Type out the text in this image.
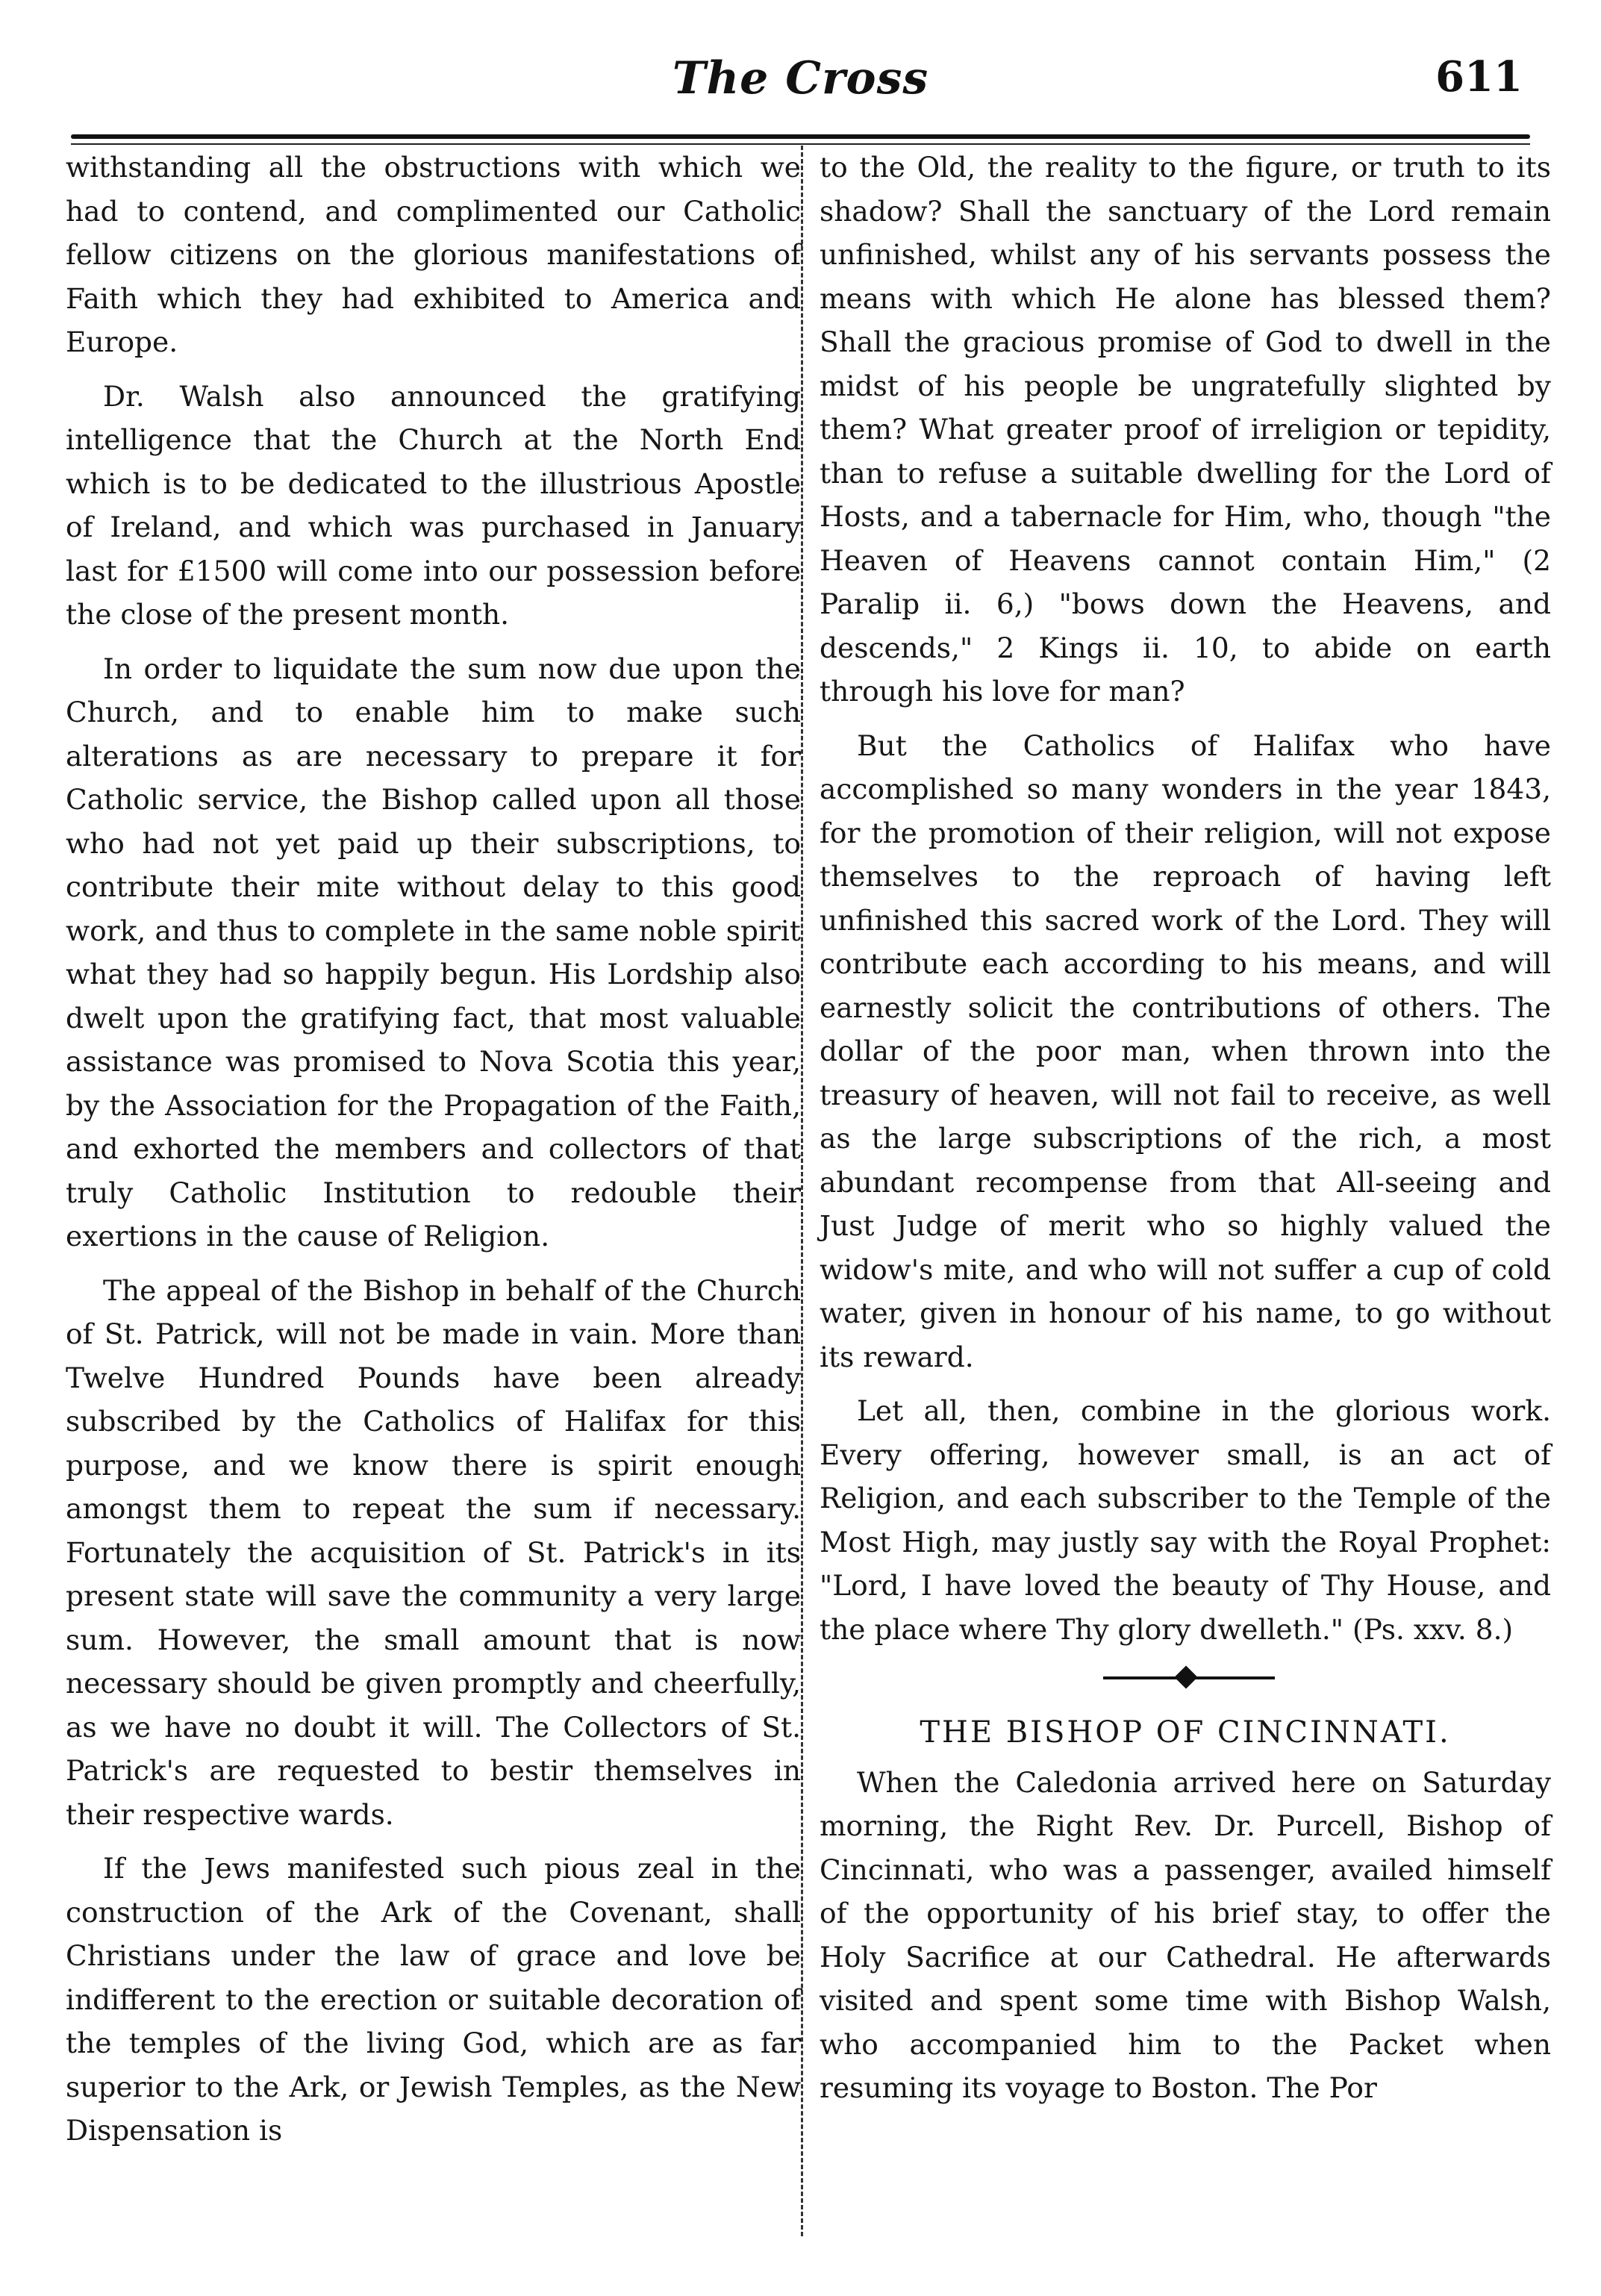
The Cross	611

withstanding all the obstructions with which we had to contend, and complimented our Catholic fellow citizens on the glorious manifestations of Faith which they had exhibited to America and Europe.

Dr. Walsh also announced the gratifying intelligence that the Church at the North End which is to be dedicated to the illustrious Apostle of Ireland, and which was purchased in January last for £1500 will come into our possession before the close of the present month.

In order to liquidate the sum now due upon the Church, and to enable him to make such alterations as are necessary to prepare it for Catholic service, the Bishop called upon all those who had not yet paid up their subscriptions, to contribute their mite without delay to this good work, and thus to complete in the same noble spirit what they had so happily begun. His Lordship also dwelt upon the gratifying fact, that most valuable assistance was promised to Nova Scotia this year, by the Association for the Propagation of the Faith, and exhorted the members and collectors of that truly Catholic Institution to redouble their exertions in the cause of Religion.

The appeal of the Bishop in behalf of the Church of St. Patrick, will not be made in vain. More than Twelve Hundred Pounds have been already subscribed by the Catholics of Halifax for this purpose, and we know there is spirit enough amongst them to repeat the sum if necessary. Fortunately the acquisition of St. Patrick's in its present state will save the community a very large sum. However, the small amount that is now necessary should be given promptly and cheerfully, as we have no doubt it will. The Collectors of St. Patrick's are requested to bestir themselves in their respective wards.

If the Jews manifested such pious zeal in the construction of the Ark of the Covenant, shall Christians under the law of grace and love be indifferent to the erection or suitable decoration of the temples of the living God, which are as far superior to the Ark, or Jewish Temples, as the New Dispensation is

to the Old, the reality to the figure, or truth to its shadow? Shall the sanctuary of the Lord remain unfinished, whilst any of his servants possess the means with which He alone has blessed them? Shall the gracious promise of God to dwell in the midst of his people be ungratefully slighted by them? What greater proof of irreligion or tepidity, than to refuse a suitable dwelling for the Lord of Hosts, and a tabernacle for Him, who, though "the Heaven of Heavens cannot contain Him," (2 Paralip ii. 6,) "bows down the Heavens, and descends," 2 Kings ii. 10, to abide on earth through his love for man?

But the Catholics of Halifax who have accomplished so many wonders in the year 1843, for the promotion of their religion, will not expose themselves to the reproach of having left unfinished this sacred work of the Lord. They will contribute each according to his means, and will earnestly solicit the contributions of others. The dollar of the poor man, when thrown into the treasury of heaven, will not fail to receive, as well as the large subscriptions of the rich, a most abundant recompense from that All-seeing and Just Judge of merit who so highly valued the widow's mite, and who will not suffer a cup of cold water, given in honour of his name, to go without its reward.

Let all, then, combine in the glorious work. Every offering, however small, is an act of Religion, and each subscriber to the Temple of the Most High, may justly say with the Royal Prophet: "Lord, I have loved the beauty of Thy House, and the place where Thy glory dwelleth." (Ps. xxv. 8.)

THE BISHOP OF CINCINNATI.

When the Caledonia arrived here on Saturday morning, the Right Rev. Dr. Purcell, Bishop of Cincinnati, who was a passenger, availed himself of the opportunity of his brief stay, to offer the Holy Sacrifice at our Cathedral. He afterwards visited and spent some time with Bishop Walsh, who accompanied him to the Packet when resuming its voyage to Boston. The Por
